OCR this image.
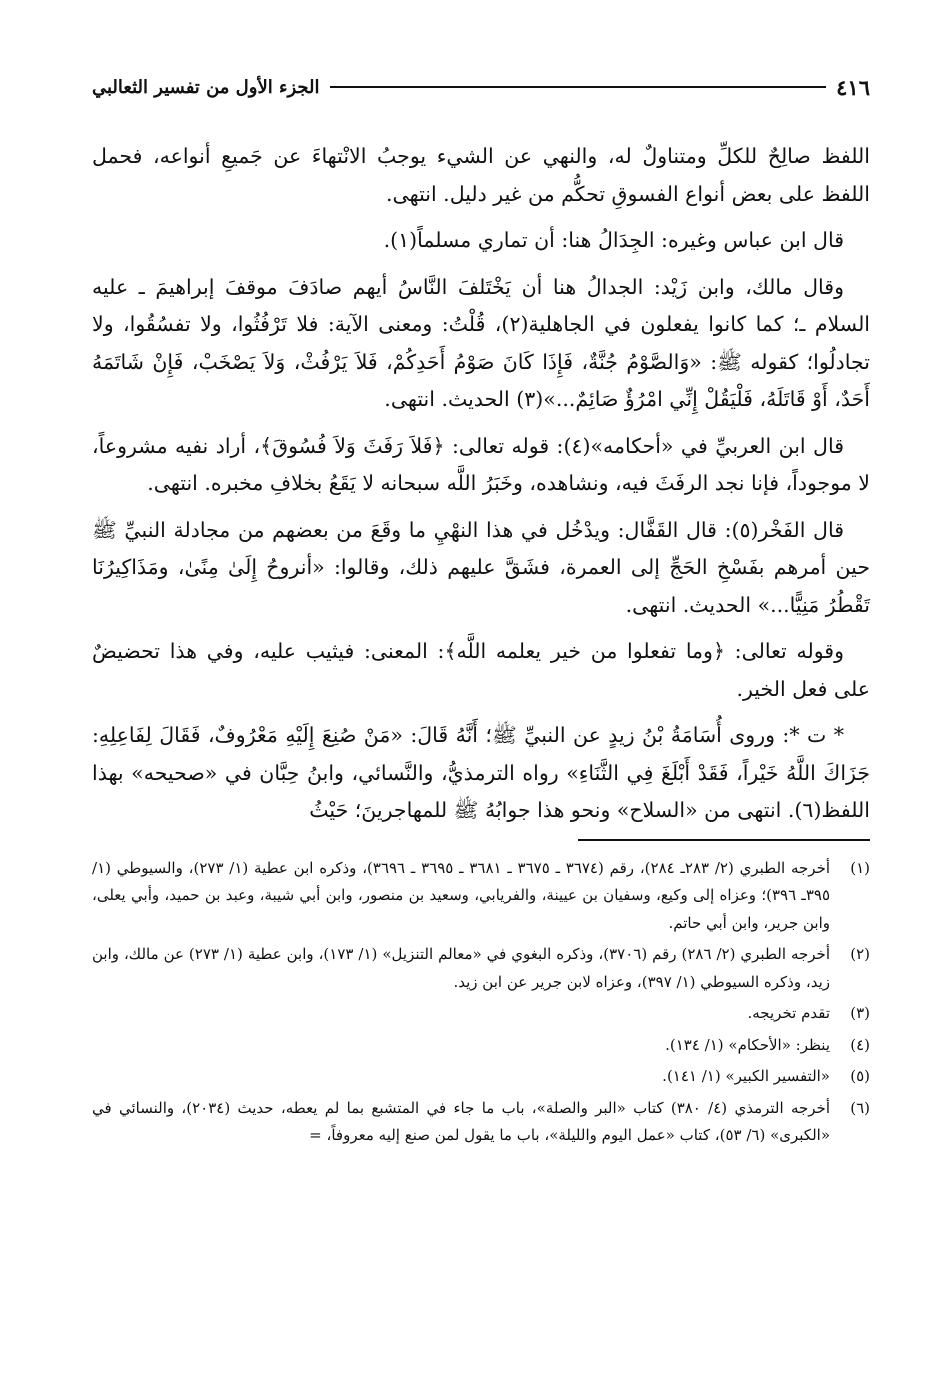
٤١٦
الجزء الأول من تفسير الثعالبي

اللفظ صالِحٌ للكلِّ ومتناولٌ له، والنهي عن الشيء يوجبُ الانْتهاءَ عن جَميعِ أنواعه، فحمل اللفظ على بعض أنواع الفسوقِ تحكُّم من غير دليل. انتهى.

قال ابن عباس وغيره: الجِدَالُ هنا: أن تماري مسلماً(١).

وقال مالك، وابن زَيْد: الجدالُ هنا أن يَخْتَلفَ النَّاسُ أيهم صادَفَ موقفَ إبراهيمَ ـ عليه السلام ـ؛ كما كانوا يفعلون في الجاهلية(٢)، قُلْتُ: ومعنى الآية: فلا تَرْفُثُوا، ولا تفسُقُوا، ولا تجادلُوا؛ كقوله ﷺ: «وَالصَّوْمُ جُنَّةٌ، فَإِذَا كَانَ صَوْمُ أَحَدِكُمْ، فَلاَ يَرْفُثْ، وَلاَ يَصْخَبْ، فَإِنْ شَاتَمَهُ أَحَدٌ، أَوْ قَاتَلَهُ، فَلْيَقُلْ إِنِّي امْرُؤٌ صَائِمٌ...»(٣) الحديث. انتهى.

قال ابن العربيِّ في «أحكامه»(٤): قوله تعالى: ﴿فَلاَ رَفَثَ وَلاَ فُسُوقَ﴾، أراد نفيه مشروعاً، لا موجوداً، فإنا نجد الرفَثَ فيه، ونشاهده، وخَبَرُ اللَّه سبحانه لا يَقَعُ بخلافِ مخبره. انتهى.

قال الفَخْر(٥): قال القَفَّال: ويدْخُل في هذا النهْيِ ما وقَعَ من بعضهم من مجادلة النبيِّ ﷺ حين أمرهم بفَسْخِ الحَجِّ إلى العمرة، فشَقَّ عليهم ذلك، وقالوا: «أنروحُ إِلَىٰ مِنًىٰ، ومَذَاكِيرُنَا تَقْطُرُ مَنِيًّا...» الحديث. انتهى.

وقوله تعالى: ﴿وما تفعلوا من خير يعلمه اللَّه﴾: المعنى: فيثيب عليه، وفي هذا تحضيضٌ على فعل الخير.

* ت *: وروى أُسَامَةُ بْنُ زيدٍ عن النبيِّ ﷺ؛ أَنَّهُ قَالَ: «مَنْ صُنِعَ إِلَيْهِ مَعْرُوفٌ، فَقَالَ لِفَاعِلِهِ: جَزَاكَ اللَّهُ خَيْراً، فَقَدْ أَبْلَغَ فِي الثَّنَاءِ» رواه الترمذيُّ، والنَّسائي، وابنُ حِبَّان في «صحيحه» بهذا اللفظ(٦). انتهى من «السلاح» ونحو هذا جوابُهُ ﷺ للمهاجرينَ؛ حَيْثُ

(١)
أخرجه الطبري (٢/ ٢٨٣ـ ٢٨٤)، رقم (٣٦٧٤ ـ ٣٦٧٥ ـ ٣٦٨١ ـ ٣٦٩٥ ـ ٣٦٩٦)، وذكره ابن عطية (١/ ٢٧٣)، والسيوطي (١/ ٣٩٥ـ ٣٩٦)؛ وعزاه إلى وكيع، وسفيان بن عيينة، والفريابي، وسعيد بن منصور، وابن أبي شيبة، وعبد بن حميد، وأبي يعلى، وابن جرير، وابن أبي حاتم.
(٢)
أخرجه الطبري (٢/ ٢٨٦) رقم (٣٧٠٦)، وذكره البغوي في «معالم التنزيل» (١/ ١٧٣)، وابن عطية (١/ ٢٧٣) عن مالك، وابن زيد، وذكره السيوطي (١/ ٣٩٧)، وعزاه لابن جرير عن ابن زيد.
(٣)
تقدم تخريجه.
(٤)
ينظر: «الأحكام» (١/ ١٣٤).
(٥)
«التفسير الكبير» (١/ ١٤١).
(٦)
أخرجه الترمذي (٤/ ٣٨٠) كتاب «البر والصلة»، باب ما جاء في المتشبع بما لم يعطه، حديث (٢٠٣٤)، والنسائي في «الكبرى» (٦/ ٥٣)، كتاب «عمل اليوم والليلة»، باب ما يقول لمن صنع إليه معروفاً، =
